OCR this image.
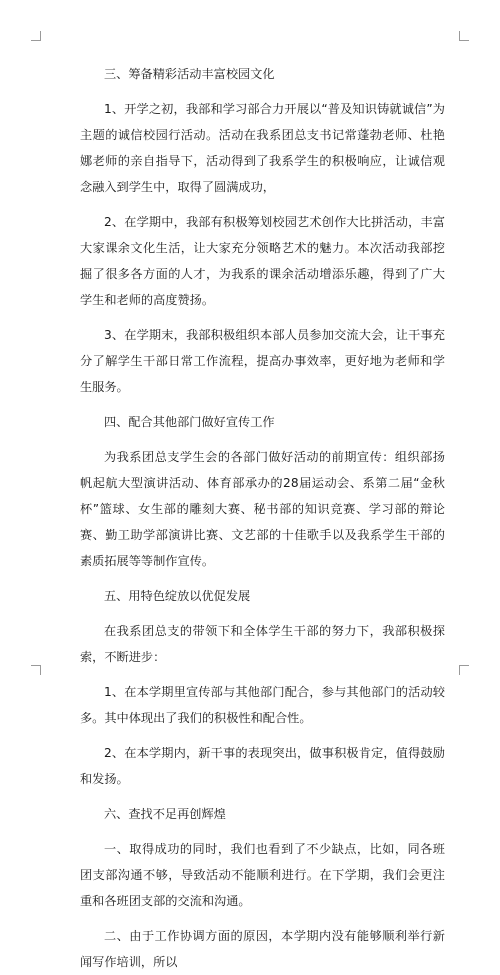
三、筹备精彩活动丰富校园文化

1、开学之初，我部和学习部合力开展以“普及知识铸就诚信”为主题的诚信校园行活动。活动在我系团总支书记常蓬勃老师、杜艳娜老师的亲自指导下，活动得到了我系学生的积极响应，让诚信观念融入到学生中，取得了圆满成功，

2、在学期中，我部有积极筹划校园艺术创作大比拼活动，丰富大家课余文化生活，让大家充分领略艺术的魅力。本次活动我部挖掘了很多各方面的人才，为我系的课余活动增添乐趣，得到了广大学生和老师的高度赞扬。

3、在学期末，我部积极组织本部人员参加交流大会，让干事充分了解学生干部日常工作流程，提高办事效率，更好地为老师和学生服务。

四、配合其他部门做好宣传工作

为我系团总支学生会的各部门做好活动的前期宣传：组织部扬帆起航大型演讲活动、体育部承办的28届运动会、系第二届“金秋杯”篮球、女生部的雕刻大赛、秘书部的知识竞赛、学习部的辩论赛、勤工助学部演讲比赛、文艺部的十佳歌手以及我系学生干部的素质拓展等等制作宣传。

五、用特色绽放以优促发展

在我系团总支的带领下和全体学生干部的努力下，我部积极探索，不断进步：

1、在本学期里宣传部与其他部门配合，参与其他部门的活动较多。其中体现出了我们的积极性和配合性。

2、在本学期内，新干事的表现突出，做事积极肯定，值得鼓励和发扬。

六、查找不足再创辉煌

一、取得成功的同时，我们也看到了不少缺点，比如，同各班团支部沟通不够，导致活动不能顺利进行。在下学期，我们会更注重和各班团支部的交流和沟通。

二、由于工作协调方面的原因，本学期内没有能够顺利举行新闻写作培训，所以
